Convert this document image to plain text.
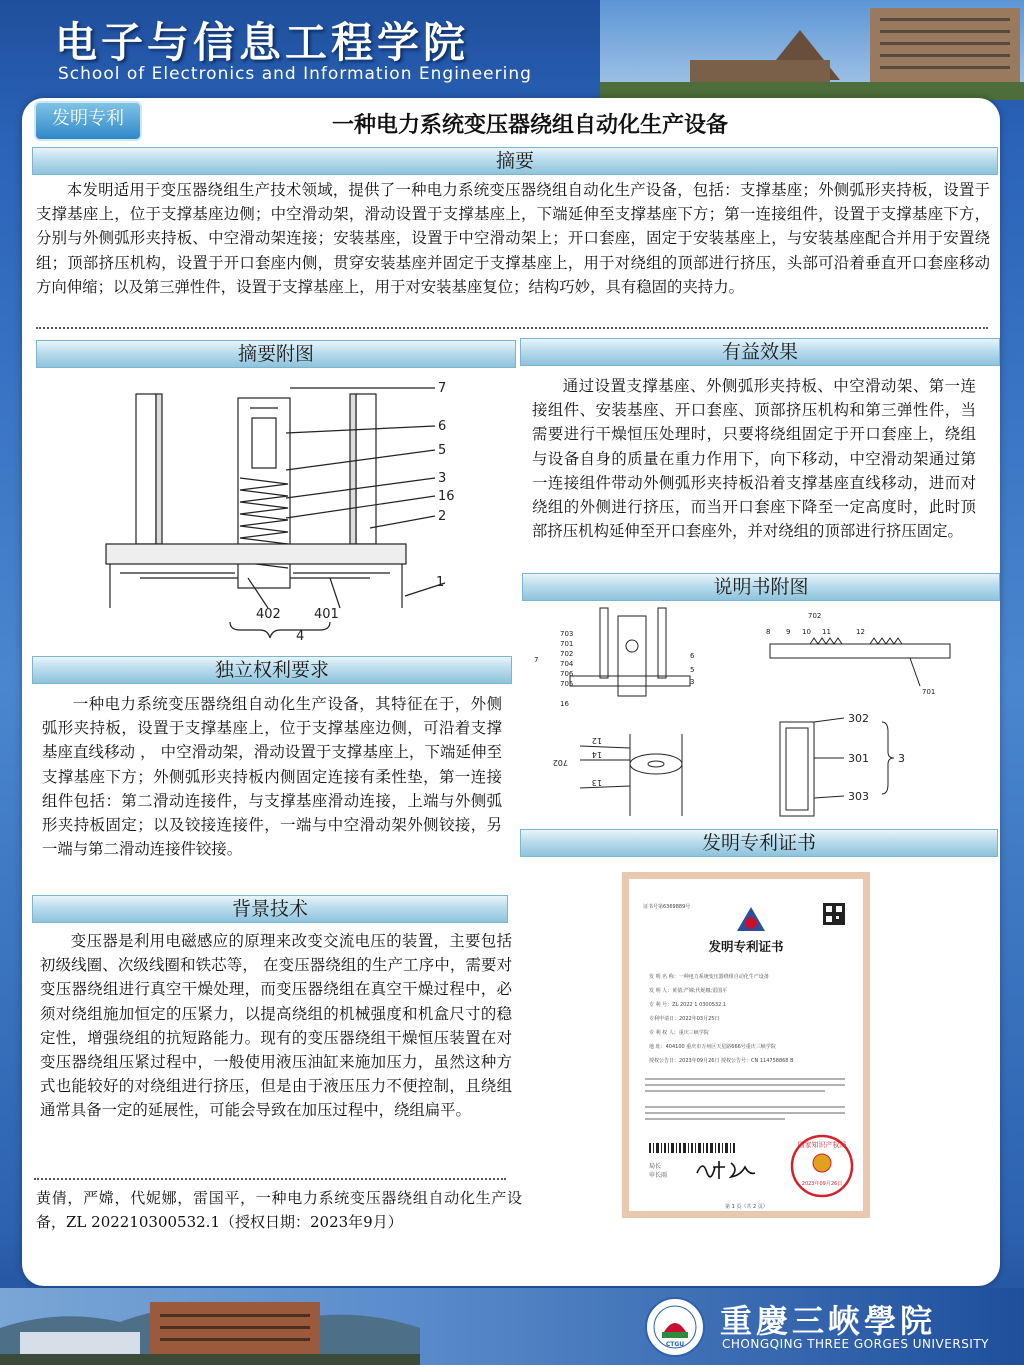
电子与信息工程学院
School of Electronics and Information Engineering
发明专利	一种电力系统变压器绕组自动化生产设备
摘要

本发明适用于变压器绕组生产技术领域，提供了一种电力系统变压器绕组自动化生产设备，包括：支撑基座；外侧弧形夹持板，设置于支撑基座上，位于支撑基座边侧；中空滑动架，滑动设置于支撑基座上，下端延伸至支撑基座下方；第一连接组件，设置于支撑基座下方，分别与外侧弧形夹持板、中空滑动架连接；安装基座，设置于中空滑动架上；开口套座，固定于安装基座上，与安装基座配合并用于安置绕组；顶部挤压机构，设置于开口套座内侧，贯穿安装基座并固定于支撑基座上，用于对绕组的顶部进行挤压，头部可沿着垂直开口套座移动方向伸缩；以及第三弹性件，设置于支撑基座上，用于对安装基座复位；结构巧妙，具有稳固的夹持力。

摘要附图
7
6
5
3
16
2
1
402	401
4
有益效果

通过设置支撑基座、外侧弧形夹持板、中空滑动架、第一连接组件、安装基座、开口套座、顶部挤压机构和第三弹性件，当需要进行干燥恒压处理时，只要将绕组固定于开口套座上，绕组与设备自身的质量在重力作用下，向下移动，中空滑动架通过第一连接组件带动外侧弧形夹持板沿着支撑基座直线移动，进而对绕组的外侧进行挤压，而当开口套座下降至一定高度时，此时顶部挤压机构延伸至开口套座外，并对绕组的顶部进行挤压固定。

说明书附图
703
701
702
704
706
705
7
16
6
5
3
702
8 9 10 11	12
701
12
14
13
702
302
301
303
3
独立权利要求

一种电力系统变压器绕组自动化生产设备，其特征在于，外侧弧形夹持板，设置于支撑基座上，位于支撑基座边侧，可沿着支撑基座直线移动 ， 中空滑动架，滑动设置于支撑基座上，下端延伸至支撑基座下方；外侧弧形夹持板内侧固定连接有柔性垫，第一连接组件包括：第二滑动连接件，与支撑基座滑动连接，上端与外侧弧形夹持板固定；以及铰接连接件，一端与中空滑动架外侧铰接，另一端与第二滑动连接件铰接。	发明专利证书
证书号第6369889号
发明专利证书
发 明 名 称：一种电力系统变压器绕组自动化生产设备
发 明 人：黄倩;严嫦;代妮娜;雷国平
专 利 号：ZL 2022 1 0300532.1
专利申请日：2022年03月25日
专 利 权 人：重庆三峡学院
地 址：404100 重庆市万州区天星路666号重庆三峡学院
授权公告日：2023年09月26日 授权公告号：CN 114758868 B
局长
申长雨
国家知识产权局
2023年09月26日
第 1 页（共 2 页）
背景技术

变压器是利用电磁感应的原理来改变交流电压的装置，主要包括初级线圈、次级线圈和铁芯等， 在变压器绕组的生产工序中，需要对变压器绕组进行真空干燥处理，而变压器绕组在真空干燥过程中，必须对绕组施加恒定的压紧力，以提高绕组的机械强度和机盒尺寸的稳定性，增强绕组的抗短路能力。现有的变压器绕组干燥恒压装置在对变压器绕组压紧过程中，一般使用液压油缸来施加压力，虽然这种方式也能较好的对绕组进行挤压，但是由于液压压力不便控制，且绕组通常具备一定的延展性，可能会导致在加压过程中，绕组扁平。

黄倩，严嫦，代妮娜，雷国平，一种电力系统变压器绕组自动化生产设备，ZL 202210300532.1（授权日期：2023年9月）
CTGU
重慶三峽學院
CHONGQING THREE GORGES UNIVERSITY
